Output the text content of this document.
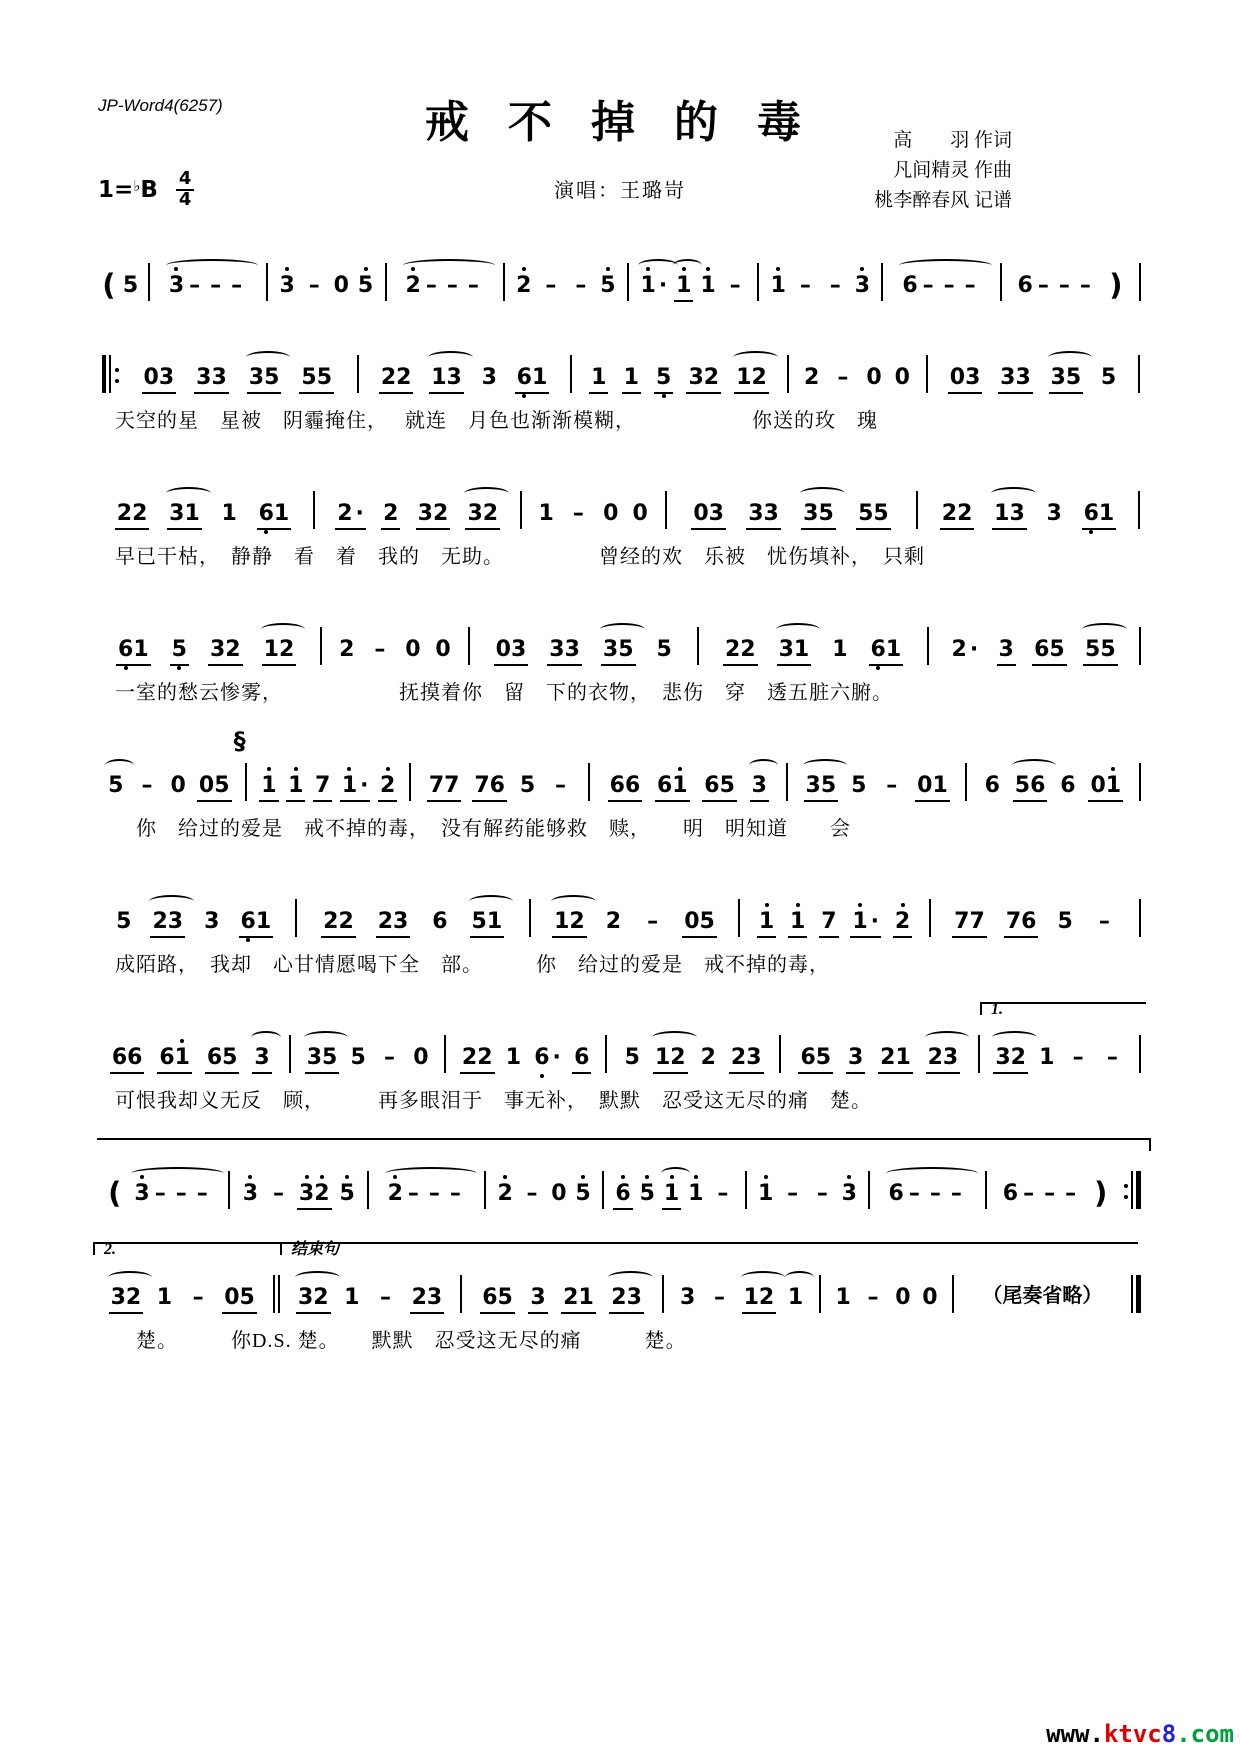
JP-Word4(6257)	戒 不 掉 的 毒
演唱：王璐岢
高　　羽 作词
凡间精灵 作曲
桃李醉春风 记谱
$1=^♭B \frac{4}{4}$
( 5 3 – – – 3 – 0 5 2 – – – 2 – – 5 1 · 1 1 – 1 – – 3 6 – – – 6 – – – )
0 3 3 3 3 5 5 5 2 2 1 3 3 6 1 1 1 5 3 2 1 2 2 – 0 0 0 3 3 3 3 5 5
天空的星　星被　阴霾掩住，　 就连　月色也渐渐模糊，　　　　　　你送的玫　瑰
2 2 3 1 1 6 1 2 · 2 3 2 3 2 1 – 0 0 0 3 3 3 3 5 5 5 2 2 1 3 3 6 1
早已干枯，　静静　看　着　我的　无助。　　　　　曾经的欢　乐被　忧伤填补，　只剩
6 1 5 3 2 1 2 2 – 0 0 0 3 3 3 3 5 5 2 2 3 1 1 6 1 2 · 3 6 5 5 5
一室的愁云惨雾，　　　　　　抚摸着你　留　下的衣物，　悲伤　穿　透五脏六腑。
5 – 0 0 5
§
1 1 7 1 · 2 7 7 7 6 5 – 6 6 6 1 6 5 3 3 5 5 – 0 1 6 5 6 6 0 1
　你　给过的爱是　戒不掉的毒，　没有解药能够救　赎，　　明　明知道　　会
5 2 3 3 6 1 2 2 2 3 6 5 1 1 2 2 – 0 5 1 1 7 1 · 2 7 7 7 6 5 –
成陌路，　我却　心甘情愿喝下全　部。　　　你　给过的爱是　戒不掉的毒，
6 6 6 1 6 5 3 3 5 5 – 0 2 2 1 6 · 6 5 1 2 2 2 3 6 5 3 2 1 2 3 3 2 1 – –
1.
可恨我却义无反　顾，　　　再多眼泪于　事无补，　默默　忍受这无尽的痛　楚。
( 3 – – – 3 – 3 2 5 2 – – – 2 – 0 5 6 5 1 1 – 1 – – 3 6 – – – 6 – – – )
3 2 1 – 0 5 3 2 1 – 2 3 6 5 3 2 1 2 3 3 – 1 2 1 1 – 0 0 （尾奏省略）
2.	结束句
　楚。　　　你D.S. 楚。　　默默　忍受这无尽的痛　　　楚。
www.ktvc8.com
